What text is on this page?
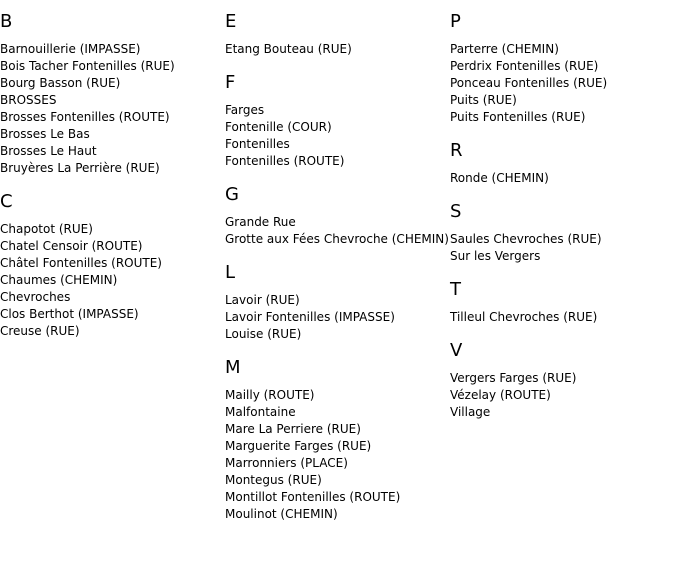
B
Barnouillerie (IMPASSE)
Bois Tacher Fontenilles (RUE)
Bourg Basson (RUE)
BROSSES
Brosses Fontenilles (ROUTE)
Brosses Le Bas
Brosses Le Haut
Bruyères La Perrière (RUE)
C
Chapotot (RUE)
Chatel Censoir (ROUTE)
Châtel Fontenilles (ROUTE)
Chaumes (CHEMIN)
Chevroches
Clos Berthot (IMPASSE)
Creuse (RUE)
E
Etang Bouteau (RUE)
F
Farges
Fontenille (COUR)
Fontenilles
Fontenilles (ROUTE)
G
Grande Rue
Grotte aux Fées Chevroche (CHEMIN)
L
Lavoir (RUE)
Lavoir Fontenilles (IMPASSE)
Louise (RUE)
M
Mailly (ROUTE)
Malfontaine
Mare La Perriere (RUE)
Marguerite Farges (RUE)
Marronniers (PLACE)
Montegus (RUE)
Montillot Fontenilles (ROUTE)
Moulinot (CHEMIN)
P
Parterre (CHEMIN)
Perdrix Fontenilles (RUE)
Ponceau Fontenilles (RUE)
Puits (RUE)
Puits Fontenilles (RUE)
R
Ronde (CHEMIN)
S
Saules Chevroches (RUE)
Sur les Vergers
T
Tilleul Chevroches (RUE)
V
Vergers Farges (RUE)
Vézelay (ROUTE)
Village
